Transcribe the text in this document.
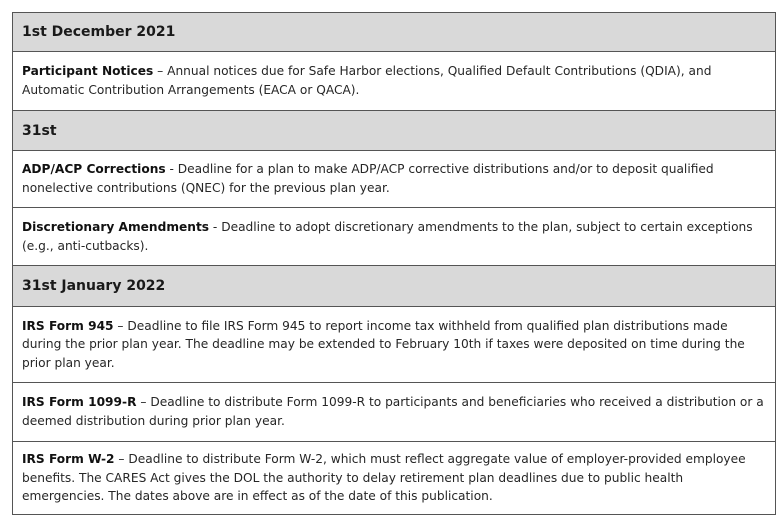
1st December 2021
Participant Notices – Annual notices due for Safe Harbor elections, Qualified Default Contributions (QDIA), and Automatic Contribution Arrangements (EACA or QACA).
31st
ADP/ACP Corrections - Deadline for a plan to make ADP/ACP corrective distributions and/or to deposit qualified nonelective contributions (QNEC) for the previous plan year.
Discretionary Amendments - Deadline to adopt discretionary amendments to the plan, subject to certain exceptions (e.g., anti-cutbacks).
31st January 2022
IRS Form 945 – Deadline to file IRS Form 945 to report income tax withheld from qualified plan distributions made during the prior plan year. The deadline may be extended to February 10th if taxes were deposited on time during the prior plan year.
IRS Form 1099-R – Deadline to distribute Form 1099-R to participants and beneficiaries who received a distribution or a deemed distribution during prior plan year.
IRS Form W-2 – Deadline to distribute Form W-2, which must reflect aggregate value of employer-provided employee benefits. The CARES Act gives the DOL the authority to delay retirement plan deadlines due to public health emergencies. The dates above are in effect as of the date of this publication.
